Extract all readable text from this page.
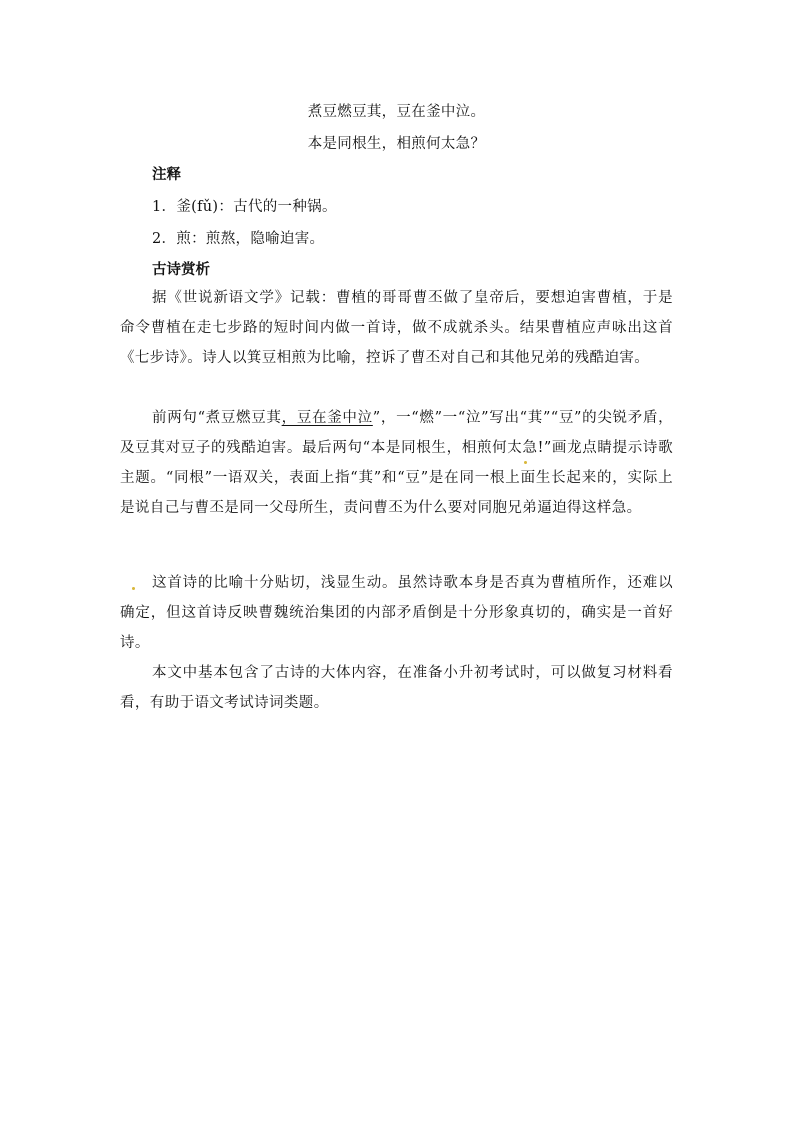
煮豆燃豆萁，豆在釜中泣。
本是同根生，相煎何太急？
注释
1．釜(fǔ)：古代的一种锅。
2．煎：煎熬，隐喻迫害。
古诗赏析

据《世说新语文学》记载：曹植的哥哥曹丕做了皇帝后，要想迫害曹植，于是命令曹植在走七步路的短时间内做一首诗，做不成就杀头。结果曹植应声咏出这首《七步诗》。诗人以箕豆相煎为比喻，控诉了曹丕对自己和其他兄弟的残酷迫害。

前两句“煮豆燃豆萁，豆在釜中泣”，一“燃”一“泣”写出“萁”“豆”的尖锐矛盾，及豆萁对豆子的残酷迫害。最后两句“本是同根生，相煎何太急!”画龙点睛提示诗歌主题。“同根”一语双关，表面上指“萁”和“豆”是在同一根上面生长起来的，实际上是说自己与曹丕是同一父母所生，责问曹丕为什么要对同胞兄弟逼迫得这样急。

这首诗的比喻十分贴切，浅显生动。虽然诗歌本身是否真为曹植所作，还难以确定，但这首诗反映曹魏统治集团的内部矛盾倒是十分形象真切的，确实是一首好诗。

本文中基本包含了古诗的大体内容，在准备小升初考试时，可以做复习材料看看，有助于语文考试诗词类题。
